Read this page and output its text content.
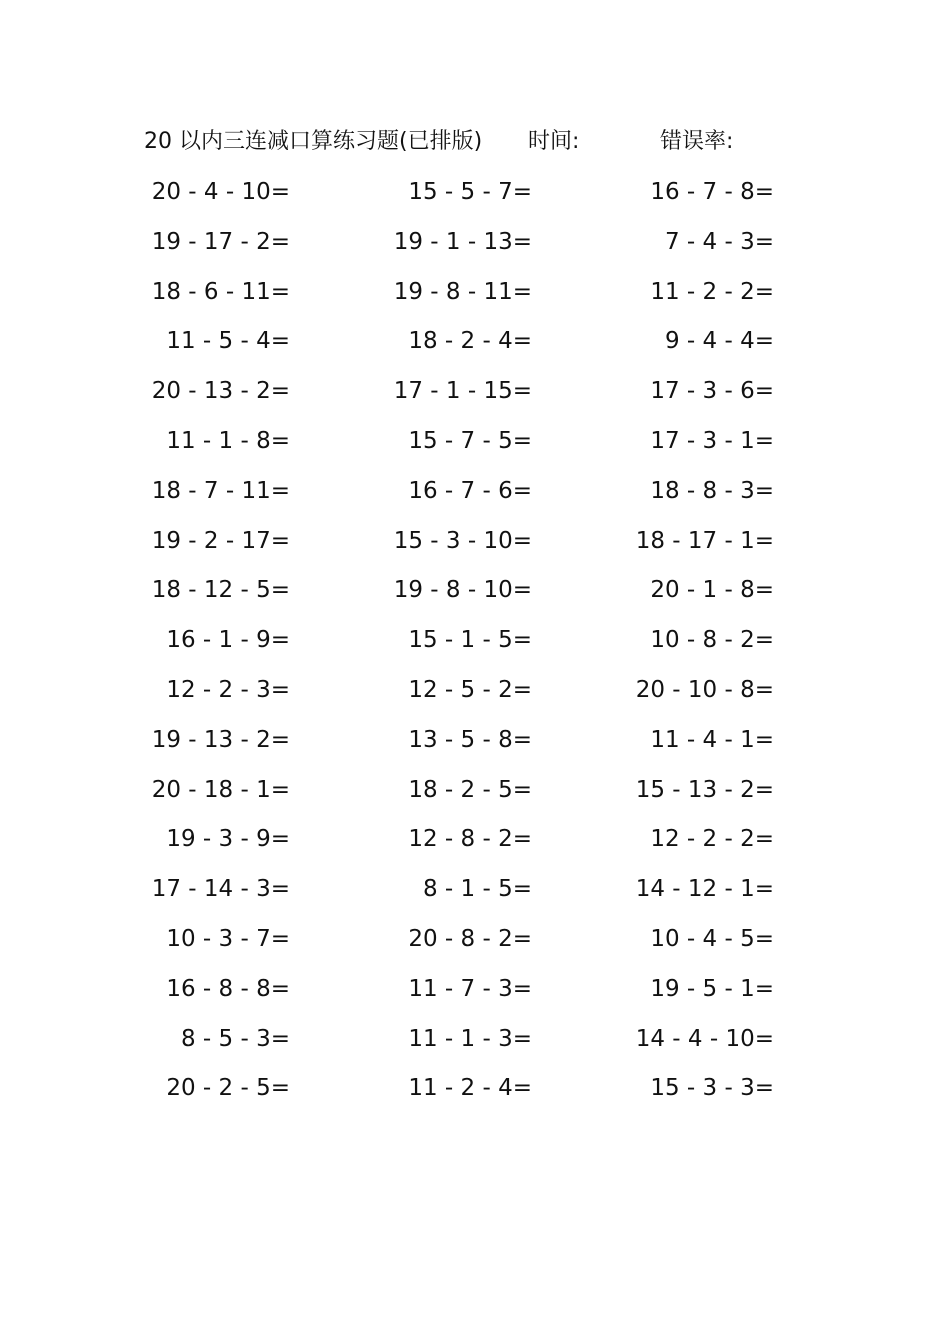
20 以内三连减口算练习题(已排版) 时间:	错误率:
20 - 4 - 10=	15 - 5 - 7=	16 - 7 - 8=
19 - 17 - 2=	19 - 1 - 13=	7 - 4 - 3=
18 - 6 - 11=	19 - 8 - 11=	11 - 2 - 2=
11 - 5 - 4=	18 - 2 - 4=	9 - 4 - 4=
20 - 13 - 2=	17 - 1 - 15=	17 - 3 - 6=
11 - 1 - 8=	15 - 7 - 5=	17 - 3 - 1=
18 - 7 - 11=	16 - 7 - 6=	18 - 8 - 3=
19 - 2 - 17=	15 - 3 - 10=	18 - 17 - 1=
18 - 12 - 5=	19 - 8 - 10=	20 - 1 - 8=
16 - 1 - 9=	15 - 1 - 5=	10 - 8 - 2=
12 - 2 - 3=	12 - 5 - 2=	20 - 10 - 8=
19 - 13 - 2=	13 - 5 - 8=	11 - 4 - 1=
20 - 18 - 1=	18 - 2 - 5=	15 - 13 - 2=
19 - 3 - 9=	12 - 8 - 2=	12 - 2 - 2=
17 - 14 - 3=	8 - 1 - 5=	14 - 12 - 1=
10 - 3 - 7=	20 - 8 - 2=	10 - 4 - 5=
16 - 8 - 8=	11 - 7 - 3=	19 - 5 - 1=
8 - 5 - 3=	11 - 1 - 3=	14 - 4 - 10=
20 - 2 - 5=	11 - 2 - 4=	15 - 3 - 3=
